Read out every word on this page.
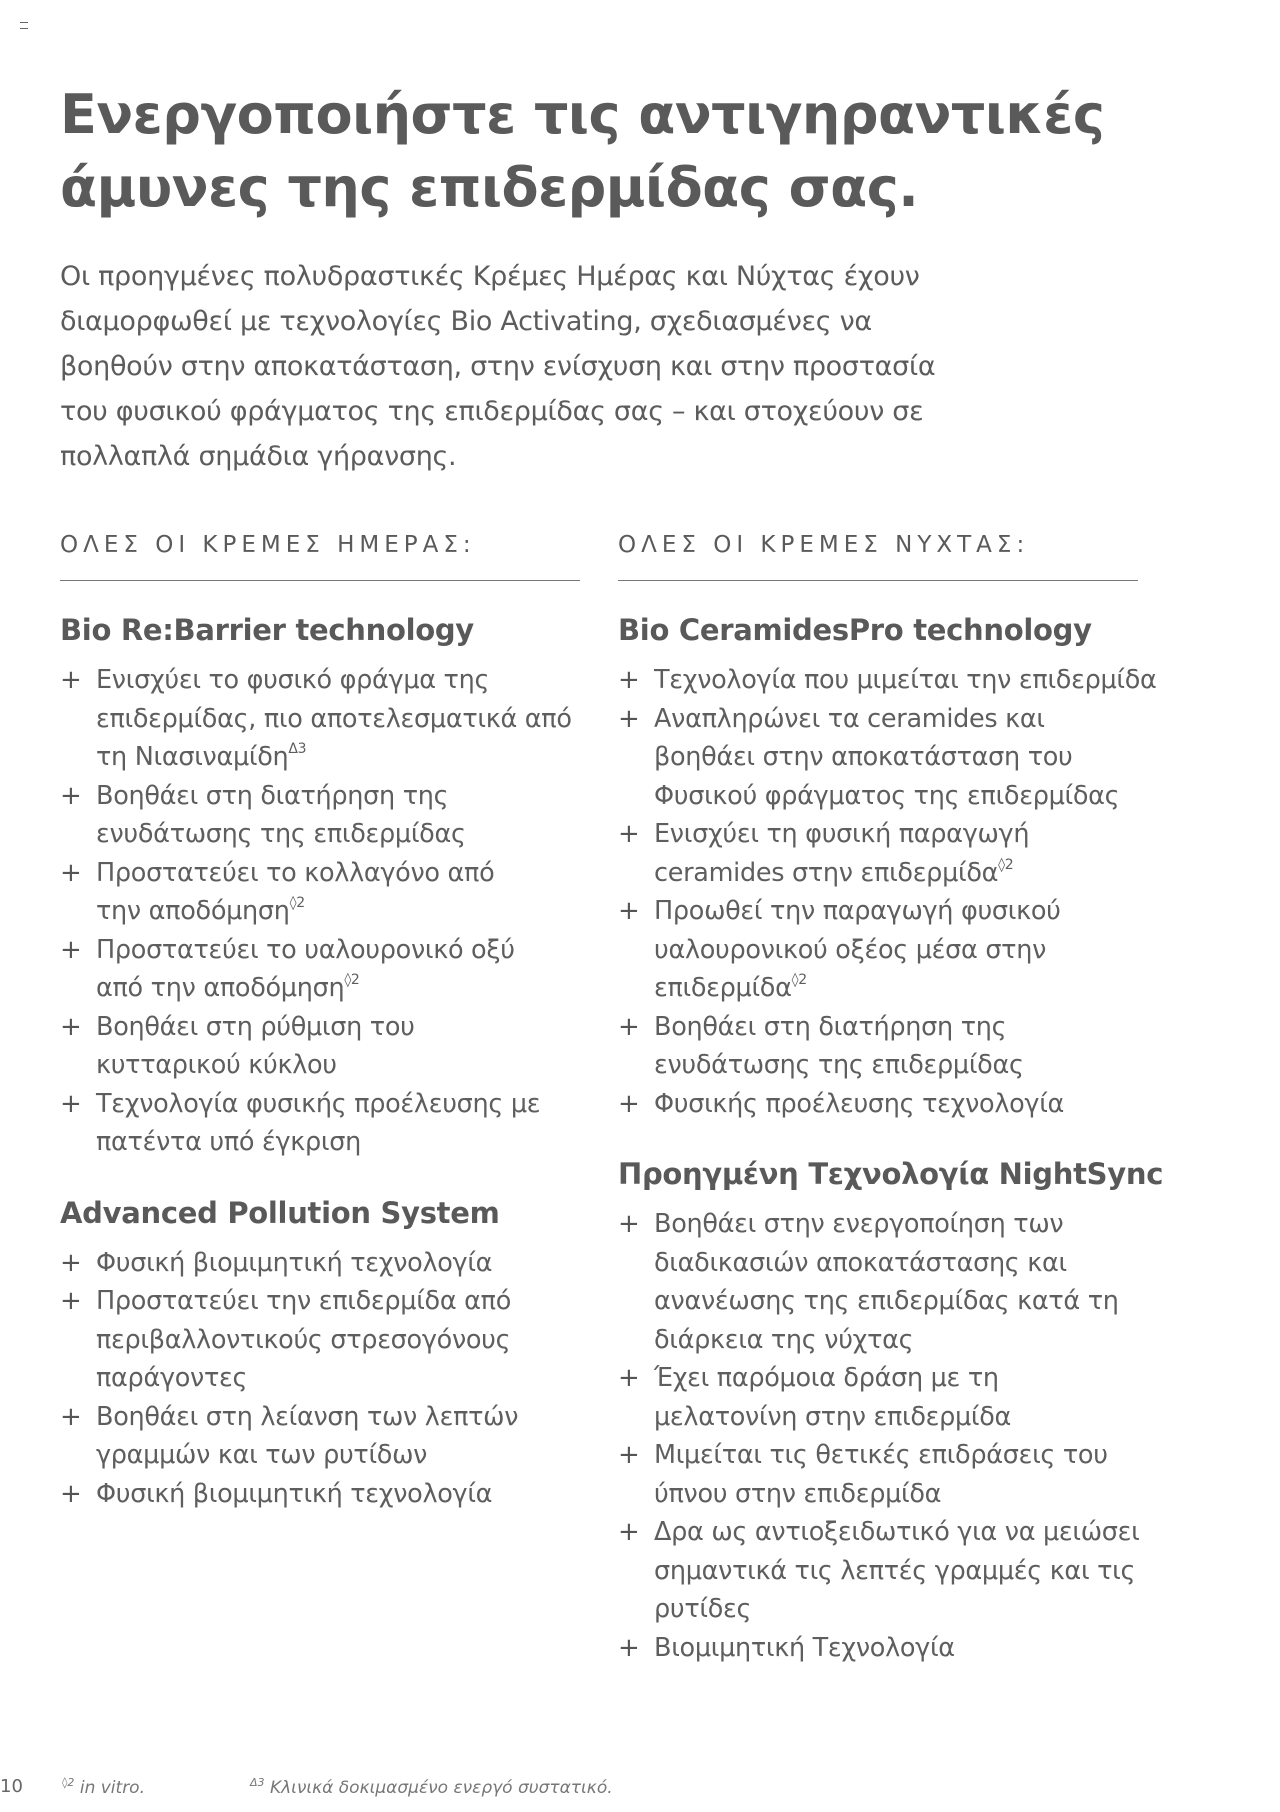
Ενεργοποιήστε τις αντιγηραντικές
άμυνες της επιδερμίδας σας.

Οι προηγμένες πολυδραστικές Κρέμες Ημέρας και Νύχτας έχουν
διαμορφωθεί με τεχνολογίες Bio Activating, σχεδιασμένες να
βοηθούν στην αποκατάσταση, στην ενίσχυση και στην προστασία
του φυσικού φράγματος της επιδερμίδας σας – και στοχεύουν σε
πολλαπλά σημάδια γήρανσης.

ΟΛΕΣ ΟΙ ΚΡΕΜΕΣ ΗΜΕΡΑΣ:
Bio Re:Barrier technology
+ Ενισχύει το φυσικό φράγμα της
επιδερμίδας, πιο αποτελεσματικά από
τη Νιασιναμίδη$^{\Delta 3}$
+ Βοηθάει στη διατήρηση της
ενυδάτωσης της επιδερμίδας
+ Προστατεύει το κολλαγόνο από
την αποδόμηση$^{◊2}$
+ Προστατεύει το υαλουρονικό οξύ
από την αποδόμηση$^{◊2}$
+ Βοηθάει στη ρύθμιση του
κυτταρικού κύκλου
+ Τεχνολογία φυσικής προέλευσης με
πατέντα υπό έγκριση
Advanced Pollution System
+ Φυσική βιομιμητική τεχνολογία
+ Προστατεύει την επιδερμίδα από
περιβαλλοντικούς στρεσογόνους
παράγοντες
+ Βοηθάει στη λείανση των λεπτών
γραμμών και των ρυτίδων
+ Φυσική βιομιμητική τεχνολογία
ΟΛΕΣ ΟΙ ΚΡΕΜΕΣ ΝΥΧΤΑΣ:
Bio CeramidesPro technology
+ Τεχνολογία που μιμείται την επιδερμίδα
+ Αναπληρώνει τα ceramides και
βοηθάει στην αποκατάσταση του
Φυσικού φράγματος της επιδερμίδας
+ Ενισχύει τη φυσική παραγωγή
ceramides στην επιδερμίδα$^{◊2}$
+ Προωθεί την παραγωγή φυσικού
υαλουρονικού οξέος μέσα στην
επιδερμίδα$^{◊2}$
+ Βοηθάει στη διατήρηση της
ενυδάτωσης της επιδερμίδας
+ Φυσικής προέλευσης τεχνολογία
Προηγμένη Τεχνολογία NightSync
+ Βοηθάει στην ενεργοποίηση των
διαδικασιών αποκατάστασης και
ανανέωσης της επιδερμίδας κατά τη
διάρκεια της νύχτας
+ Έχει παρόμοια δράση με τη
μελατονίνη στην επιδερμίδα
+ Μιμείται τις θετικές επιδράσεις του
ύπνου στην επιδερμίδα
+ Δρα ως αντιοξειδωτικό για να μειώσει
σημαντικά τις λεπτές γραμμές και τις
ρυτίδες
+ Βιομιμητική Τεχνολογία
10	$^{◊2}$ in vitro.	$^{\Delta 3}$ Κλινικά δοκιμασμένο ενεργό συστατικό.
